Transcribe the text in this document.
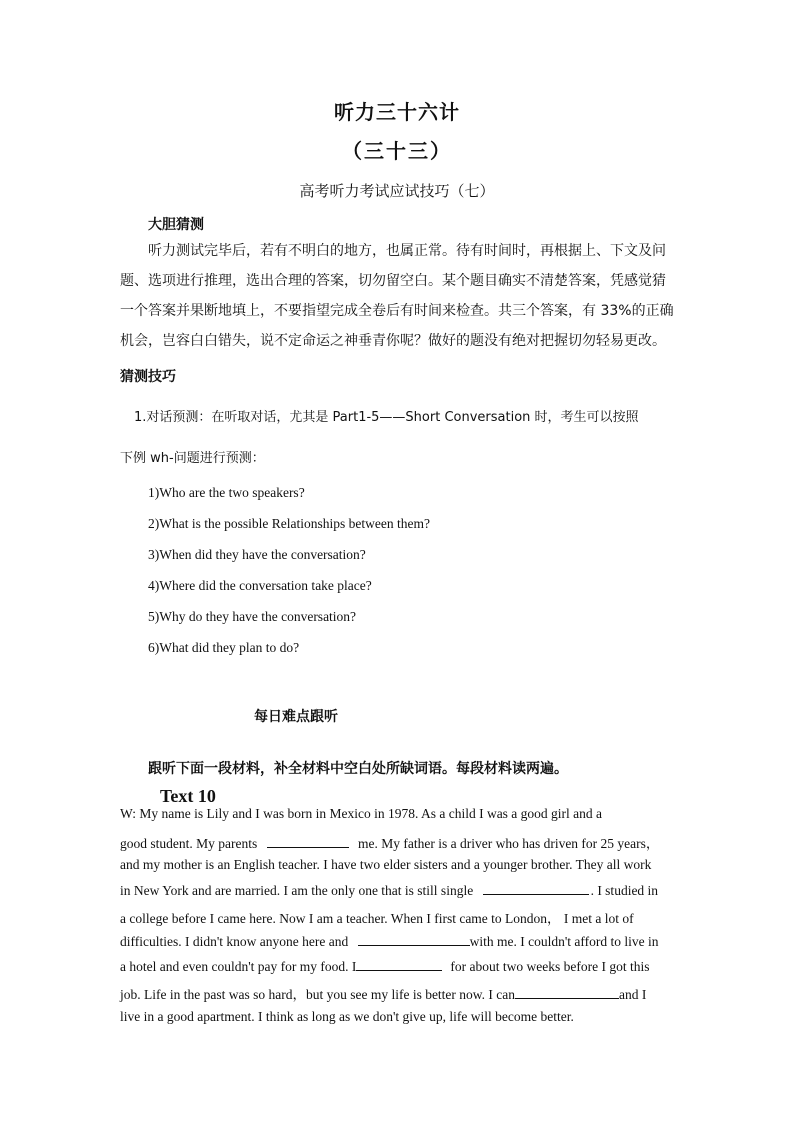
听力三十六计
（三十三）
高考听力考试应试技巧（七）
大胆猜测
听力测试完毕后，若有不明白的地方，也属正常。待有时间时，再根据上、下文及问题、选项进行推理，选出合理的答案，切勿留空白。某个题目确实不清楚答案，凭感觉猜一个答案并果断地填上，不要指望完成全卷后有时间来检查。共三个答案，有 33%的正确机会，岂容白白错失，说不定命运之神垂青你呢？做好的题没有绝对把握切勿轻易更改。
猜测技巧
1.对话预测：在听取对话，尤其是 Part1-5——Short Conversation 时，考生可以按照
下例 wh-问题进行预测：
1)Who are the two speakers?
2)What is the possible Relationships between them?
3)When did they have the conversation?
4)Where did the conversation take place?
5)Why do they have the conversation?
6)What did they plan to do?
每日难点跟听
跟听下面一段材料，补全材料中空白处所缺词语。每段材料读两遍。
Text 10
W: My name is Lily and I was born in Mexico in 1978. As a child I was a good girl and a
good student. My parents	me. My father is a driver who has driven for 25 years，
and my mother is an English teacher. I have two elder sisters and a younger brother. They all work
in New York and are married. I am the only one that is still single	. I studied in
a college before I came here. Now I am a teacher. When I first came to London， I met a lot of
difficulties. I didn't know anyone here and	with me. I couldn't afford to live in
a hotel and even couldn't pay for my food. I	for about two weeks before I got this
job. Life in the past was so hard，but you see my life is better now. I can	and I
live in a good apartment. I think as long as we don't give up, life will become better.
